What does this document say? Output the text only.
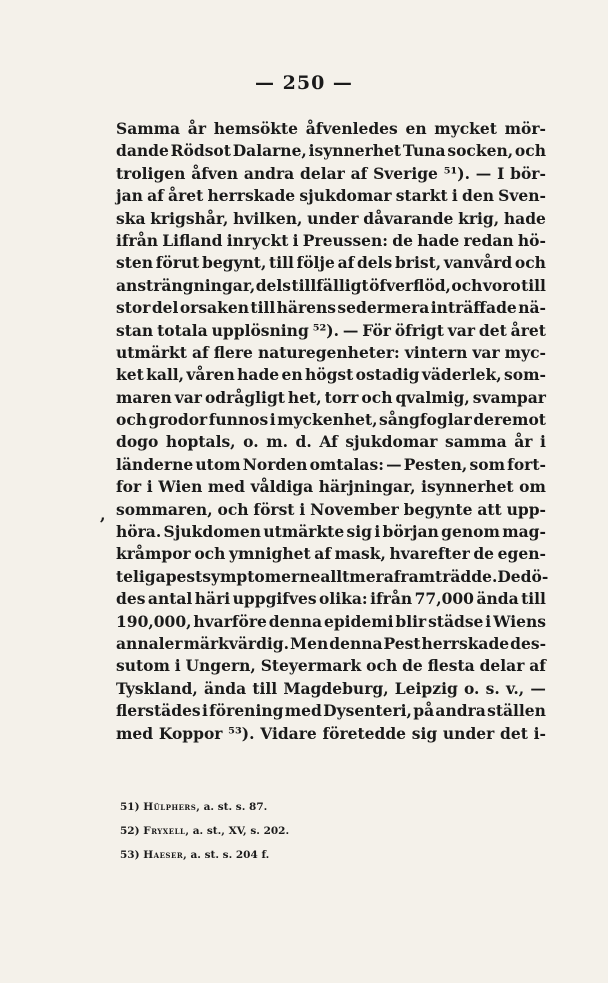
— 250 —
,
Samma år hemsökte åfvenledes en mycket mör-
dande Rödsot Dalarne, isynnerhet Tuna socken, och
troligen åfven andra delar af Sverige ⁵¹). — I bör-
jan af året herrskade sjukdomar starkt i den Sven-
ska krigshår, hvilken, under dåvarande krig, hade
ifrån Lifland inryckt i Preussen: de hade redan hö-
sten förut begynt, till följe af dels brist, vanvård och
ansträngningar, dels tillfälligt öfverflöd, och voro till
stor del orsaken till härens sedermera inträffade nä-
stan totala upplösning ⁵²). — För öfrigt var det året
utmärkt af flere naturegenheter: vintern var myc-
ket kall, våren hade en högst ostadig väderlek, som-
maren var odrågligt het, torr och qvalmig, svampar
och grodor funnos i myckenhet, sångfoglar deremot
dogo hoptals, o. m. d. Af sjukdomar samma år i
länderne utom Norden omtalas: — Pesten, som fort-
for i Wien med våldiga härjningar, isynnerhet om
sommaren, och först i November begynte att upp-
höra. Sjukdomen utmärkte sig i början genom mag-
kråmpor och ymnighet af mask, hvarefter de egen-
teliga pestsymptomerne alltmera framträdde. De dö-
des antal häri uppgifves olika: ifrån 77,000 ända till
190,000, hvarföre denna epidemi blir städse i Wiens
annaler märkvärdig. Men denna Pest herrskade des-
sutom i Ungern, Steyermark och de flesta delar af
Tyskland, ända till Magdeburg, Leipzig o. s. v., —
flerstädes i förening med Dysenteri, på andra ställen
med Koppor ⁵³). Vidare företedde sig under det i-
51) Hülphers, a. st. s. 87.
52) Fryxell, a. st., XV, s. 202.
53) Haeser, a. st. s. 204 f.
